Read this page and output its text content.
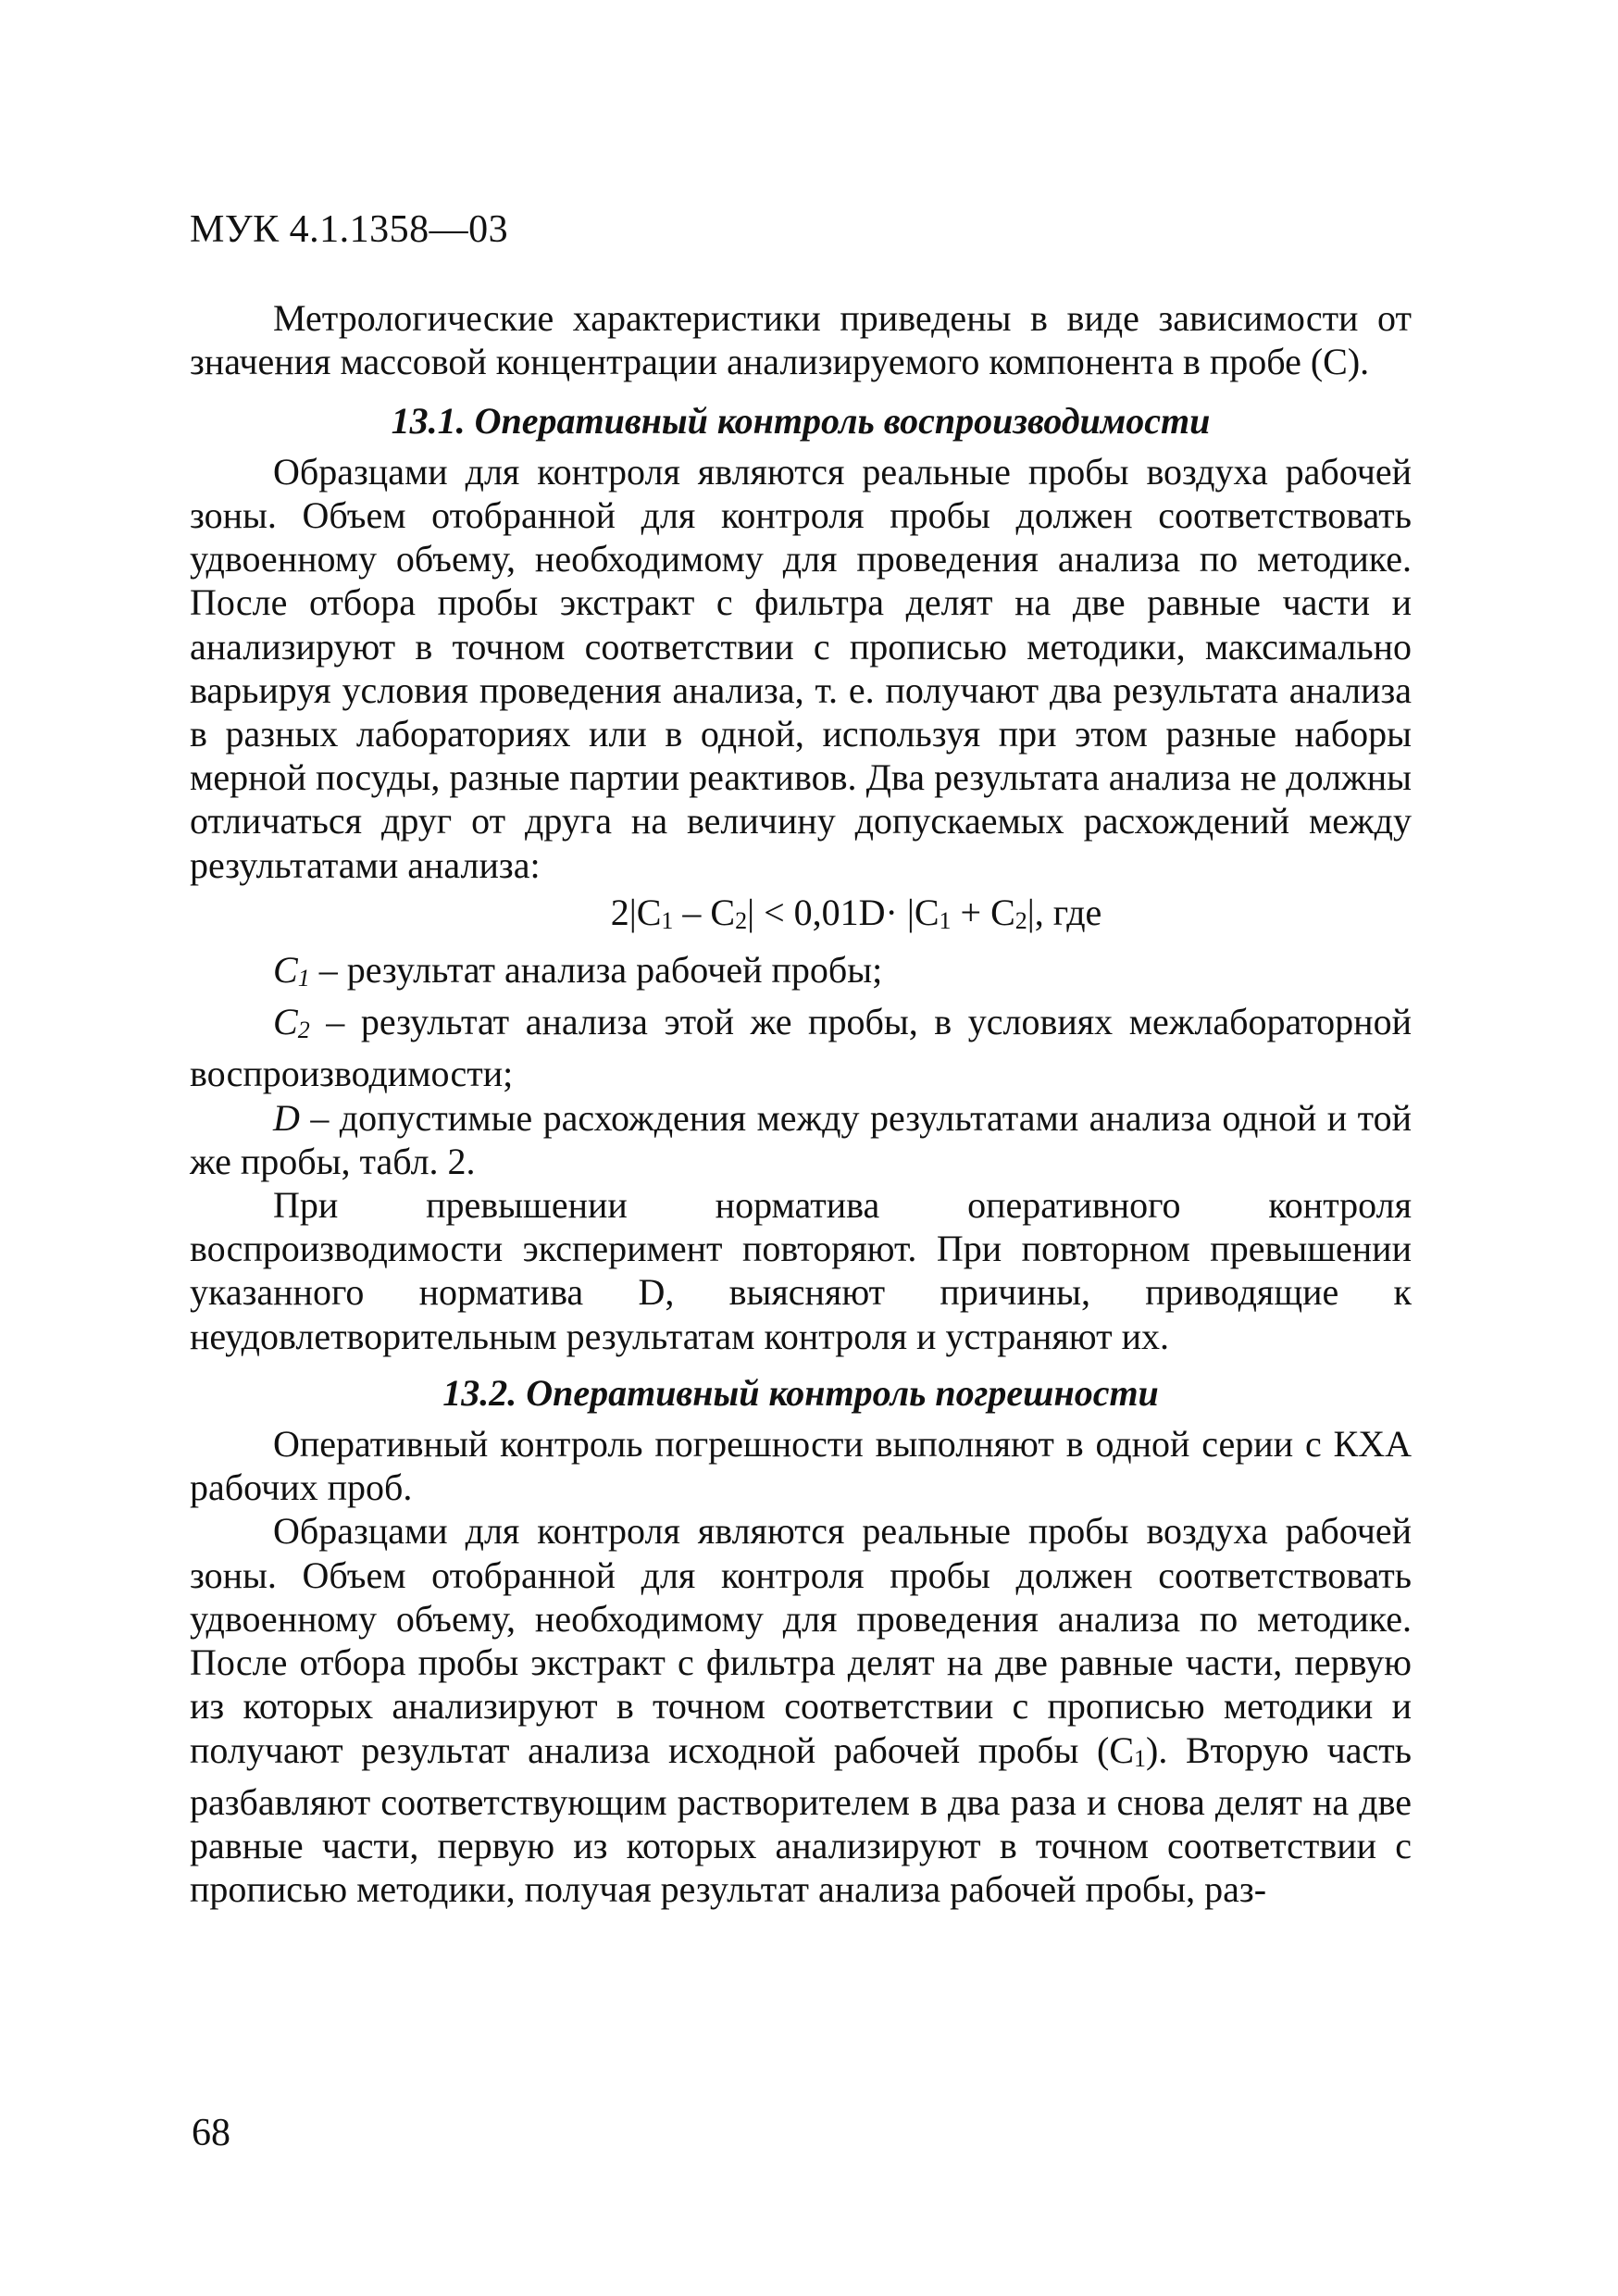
МУК 4.1.1358—03

Метрологические характеристики приведены в виде зависимости от значения массовой концентрации анализируемого компонента в пробе (С).

13.1. Оперативный контроль воспроизводимости

Образцами для контроля являются реальные пробы воздуха рабочей зоны. Объем отобранной для контроля пробы должен соответствовать удвоенному объему, необходимому для проведения анализа по методике. После отбора пробы экстракт с фильтра делят на две равные части и анализируют в точном соответствии с прописью методики, максимально варьируя условия проведения анализа, т. е. получают два результата анализа в разных лабораториях или в одной, используя при этом разные наборы мерной посуды, разные партии реактивов. Два результата анализа не должны отличаться друг от друга на величину допускаемых расхождений между результатами анализа:

2|C1 – C2| < 0,01D· |C1 + C2|, где

C1 – результат анализа рабочей пробы;

C2 – результат анализа этой же пробы, в условиях межлабораторной воспроизводимости;

D – допустимые расхождения между результатами анализа одной и той же пробы, табл. 2.

При превышении норматива оперативного контроля воспроизводимости эксперимент повторяют. При повторном превышении указанного норматива D, выясняют причины, приводящие к неудовлетворительным результатам контроля и устраняют их.

13.2. Оперативный контроль погрешности

Оперативный контроль погрешности выполняют в одной серии с КХА рабочих проб.

Образцами для контроля являются реальные пробы воздуха рабочей зоны. Объем отобранной для контроля пробы должен соответствовать удвоенному объему, необходимому для проведения анализа по методике. После отбора пробы экстракт с фильтра делят на две равные части, первую из которых анализируют в точном соответствии с прописью методики и получают результат анализа исходной рабочей пробы (C1). Вторую часть разбавляют соответствующим растворителем в два раза и снова делят на две равные части, первую из которых анализируют в точном соответствии с прописью методики, получая результат анализа рабочей пробы, раз-

68
